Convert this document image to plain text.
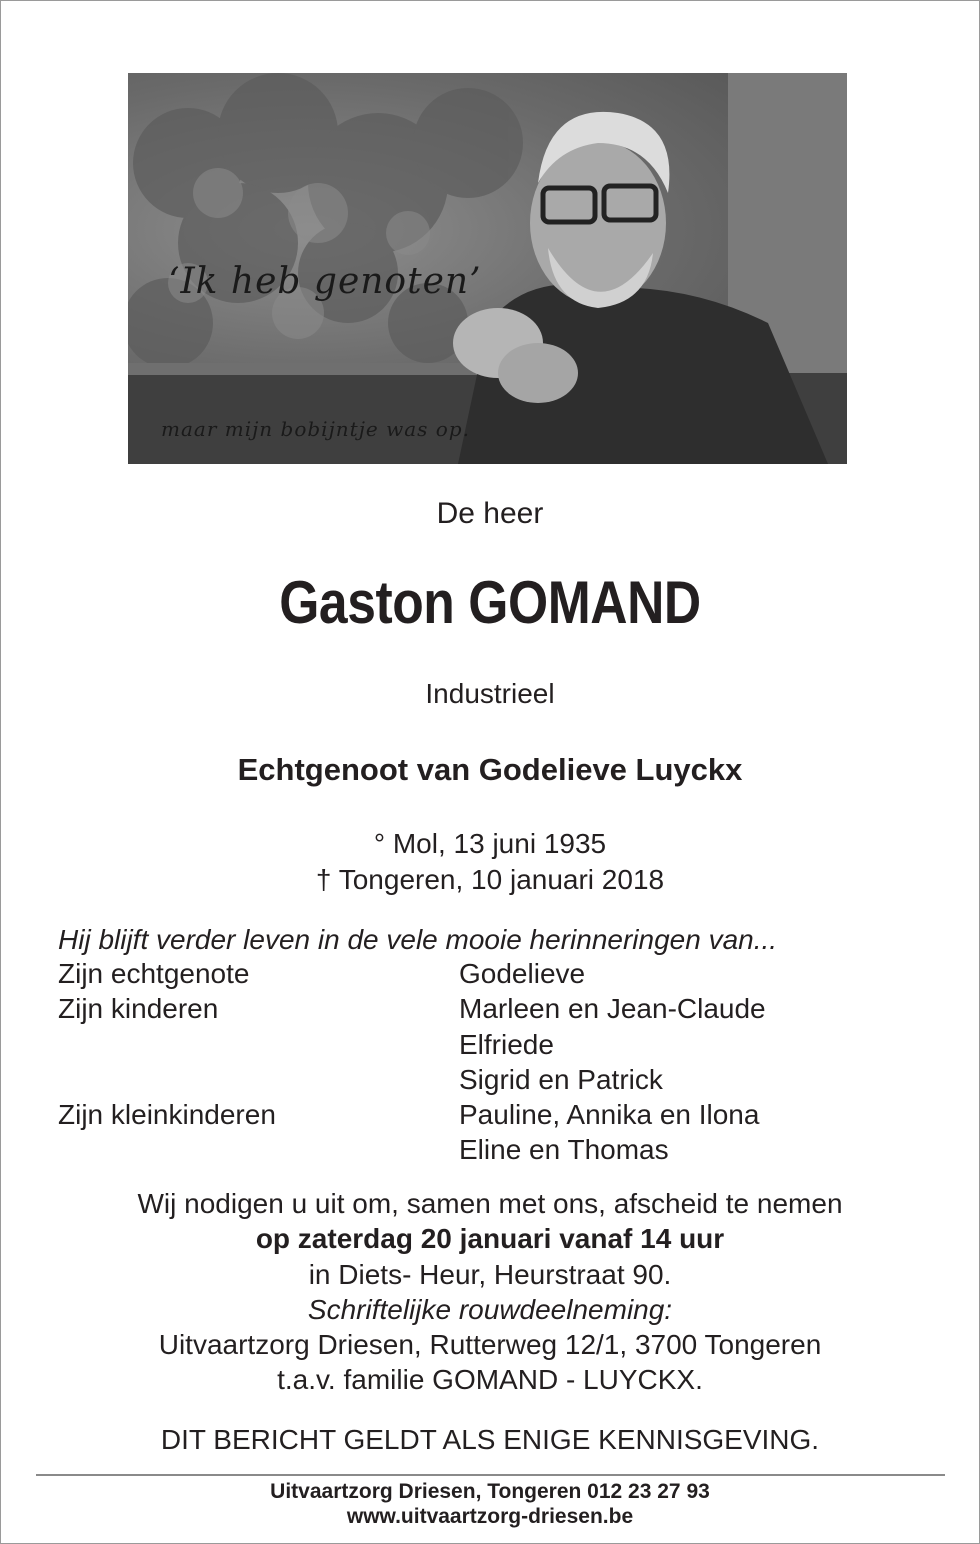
‘Ik heb genoten’
maar mijn bobijntje was op.
De heer
Gaston GOMAND
Industrieel
Echtgenoot van Godelieve Luyckx
° Mol, 13 juni 1935
† Tongeren, 10 januari 2018
Hij blijft verder leven in de vele mooie herinneringen van...
Zijn echtgenote	Godelieve
Zijn kinderen	Marleen en Jean-Claude
Elfriede
Sigrid en Patrick
Zijn kleinkinderen	Pauline, Annika en Ilona
Eline en Thomas
Wij nodigen u uit om, samen met ons, afscheid te nemen
op zaterdag 20 januari vanaf 14 uur
in Diets- Heur, Heurstraat 90.
Schriftelijke rouwdeelneming:
Uitvaartzorg Driesen, Rutterweg 12/1, 3700 Tongeren
t.a.v. familie GOMAND - LUYCKX.
DIT BERICHT GELDT ALS ENIGE KENNISGEVING.
Uitvaartzorg Driesen, Tongeren 012 23 27 93
www.uitvaartzorg-driesen.be
